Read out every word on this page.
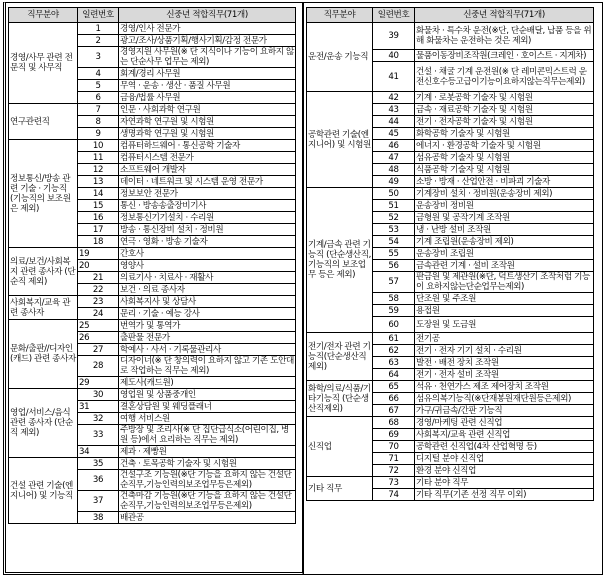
직무분야	일련번호	신중년 적합직무(71개)
경영/사무 관련 전문직 및 사무직	1	경영/인사 전문가
	2	광고/조사/상품기획/행사기획/감정 전문가
	3	경영지원 사무원(※ 단 지식이나 기능이 요하지 않는 단순사무 업무는 제외)
	4	회계/경리 사무원
	5	무역 · 운송 · 생산 · 품질 사무원
	6	금융/법률 사무원
연구관련직	7	인문 · 사회과학 연구원
	8	자연과학 연구원 및 시험원
	9	생명과학 연구원 및 시험원
정보통신/방송 관련 기술 · 기능직 (기능직의 보조원은 제외)	10	컴퓨터하드웨어 · 통신공학 기술자
	11	컴퓨터시스템 전문가
	12	소프트웨어 개발자
	13	데이터 · 네트워크 및 시스템 운영 전문가
	14	정보보안 전문가
	15	통신 · 방송송출장비기사
	16	정보통신기기설치 · 수리원
	17	방송 · 통신장비 설치 · 정비원
	18	연극 · 영화 · 방송 기술자
의료/보건/사회복지 관련 종사자 (단순직 제외)	19	간호사
	20	영양사
	21	의료기사 · 치료사 · 재활사
	22	보건 · 의료 종사자
사회복지/교육 관련 종사자	23	사회복지사 및 상담사
	24	문리 · 기술 · 예능 강사
문화/출판//디자인(캐드) 관련 종사자	25	번역가 및 통역가
	26	출판물 전문가
	27	학예사 · 사서 · 기록물관리사
	28	디자이너(※ 단 창의력이 요하지 않고 기존 도안대로 작업하는 직무는 제외)
	29	제도사(캐드원)
영업/서비스/음식 관련 종사자 (단순직 제외)	30	영업원 및 상품중개인
	31	결혼상담원 및 웨딩플래너
	32	여행 서비스원
	33	주방장 및 조리사(※ 단 집단급식소(어린이집, 병원 등)에서 요리하는 직무는 제외)
	34	제과 · 제빵원
건설 관련 기술(엔지니어) 및 기능직	35	건축 · 토목공학 기술자 및 시험원
	36	건설구조 기능원(※단 기능을 요하지 않는 건설단순직무,기능인력의보조업무등은제외)
	37	건축마감 기능원(※단 기능을 요하지 않는 건설단순직무,기능인력의보조업무등은제외)
	38	배관공
직무분야	일련번호	신중년 적합직무(71개)
운전/운송 기능직	39	화물차 · 특수차 운전(※단, 단순배달, 납품 등을 위해 화물차는 운전하는 것은 제외)
	40	물품이동장비조작원(크레인 · 호이스트 · 지게차)
	41	건설 · 채굴 기계 운전원(※ 단 레미콘믹스트럭 운전신호수등고급이기능이요하지않는직무는제외)
공학관련 기술(엔지니어) 및 시험원	42	기계 · 로봇공학 기술자 및 시험원
	43	금속 · 재료공학 기술자 및 시험원
	44	전기 · 전자공학 기술자 및 시험원
	45	화학공학 기술자 및 시험원
	46	에너지 · 환경공학 기술자 및 시험원
	47	섬유공학 기술자 및 시험원
	48	식품공학 기술자 및 시험원
	49	소방 · 방재 · 산업안전 · 비파괴 기술자
기계/금속 관련 기능직 (단순생산직, 기능직의 보조업무 등은 제외)	50	기계장비 설치 · 정비원(운송장비 제외)
	51	운송장비 정비원
	52	금형원 및 공작기계 조작원
	53	냉 · 난방 설비 조작원
	54	기계 조립원(운송장비 제외)
	55	운송장비 조립원
	56	금속관련 기계 · 설비 조작원
	57	판금원 및 제관원(※단, 덕트생산기 조작처럼 기능이 요하지않는단순업무는제외)
	58	단조원 및 주조원
	59	용접원
	60	도장원 및 도금원
전기/전자 관련 기능직(단순생산직 제외)	61	전기공
	62	전기 · 전자 기기 설치 · 수리원
	63	발전 · 배전 장치 조작원
	64	전기 · 전자 설비 조작원
화학/의료/식품/기타기능직 (단순생산직제외)	65	석유 · 천연가스 제조 제어장치 조작원
	66	섬유의복기능직(※단재봉원재단원등은제외)
	67	가구/귀금속/간판 기능직
신직업	68	경영/마케팅 관련 신직업
	69	사회복지/교육 관련 신직업
	70	공학관련 신직업(4차 산업혁명 등)
	71	디지털 분야 신직업
	72	환경 분야 신직업
기타 직무	73	기타 분야 직무
	74	기타 직무(기존 선정 직무 이외)
